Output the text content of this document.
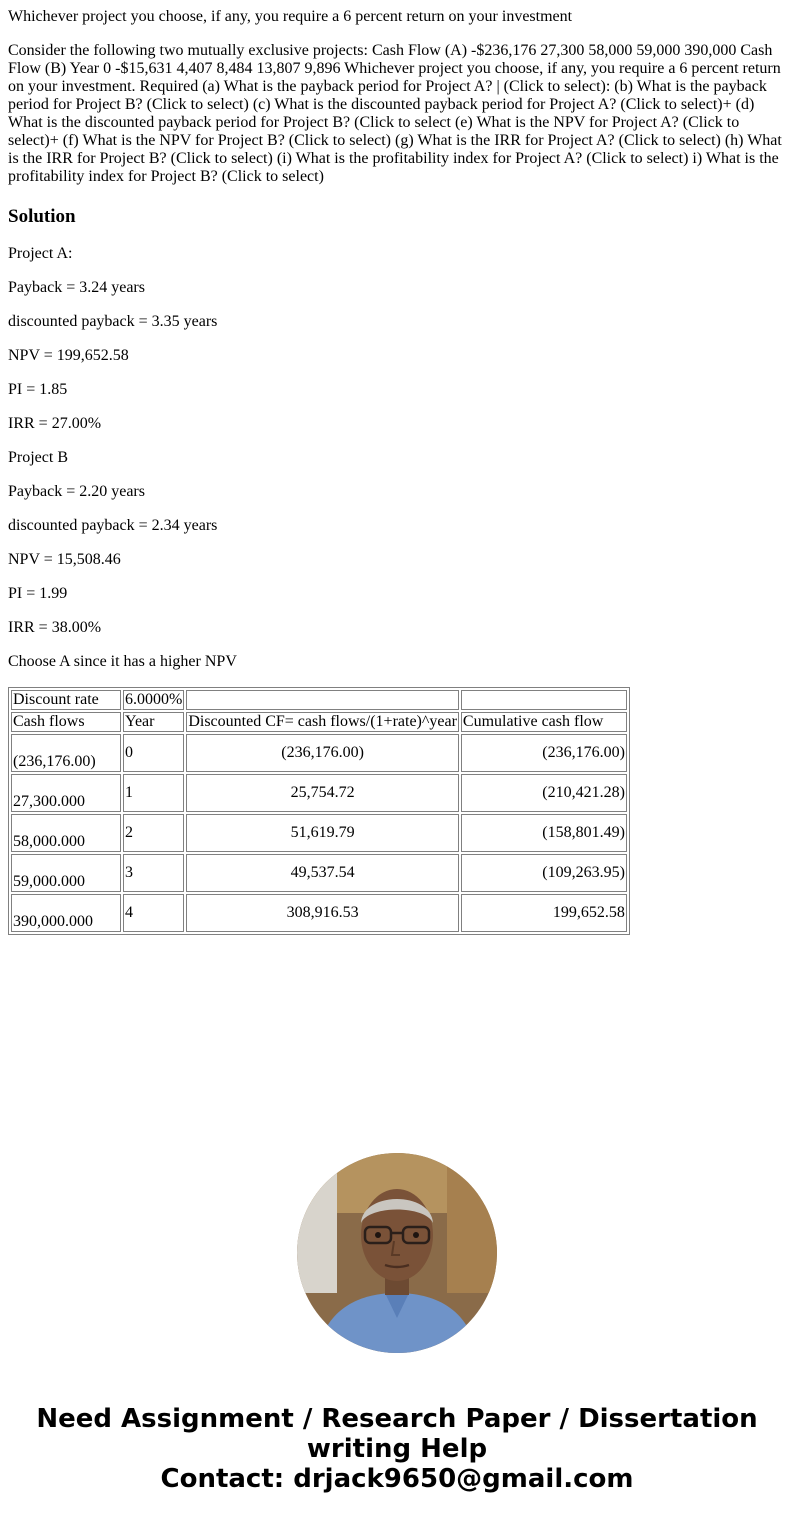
Whichever project you choose, if any, you require a 6 percent return on your investment

Consider the following two mutually exclusive projects: Cash Flow (A) -$236,176 27,300 58,000 59,000 390,000 Cash Flow (B) Year 0 -$15,631 4,407 8,484 13,807 9,896 Whichever project you choose, if any, you require a 6 percent return on your investment. Required (a) What is the payback period for Project A? | (Click to select): (b) What is the payback period for Project B? (Click to select) (c) What is the discounted payback period for Project A? (Click to select)+ (d) What is the discounted payback period for Project B? (Click to select (e) What is the NPV for Project A? (Click to select)+ (f) What is the NPV for Project B? (Click to select) (g) What is the IRR for Project A? (Click to select) (h) What is the IRR for Project B? (Click to select) (i) What is the profitability index for Project A? (Click to select) i) What is the profitability index for Project B? (Click to select)

Solution

Project A:

Payback = 3.24 years

discounted payback = 3.35 years

NPV = 199,652.58

PI = 1.85

IRR = 27.00%

Project B

Payback = 2.20 years

discounted payback = 2.34 years

NPV = 15,508.46

PI = 1.99

IRR = 38.00%

Choose A since it has a higher NPV

Discount rate	6.0000%		
Cash flows	Year	Discounted CF= cash flows/(1+rate)^year	Cumulative cash flow
(236,176.00)	0	(236,176.00)	(236,176.00)
27,300.000	1	25,754.72	(210,421.28)
58,000.000	2	51,619.79	(158,801.49)
59,000.000	3	49,537.54	(109,263.95)
390,000.000	4	308,916.53	199,652.58
Need Assignment / Research Paper / Dissertation
writing Help
Contact: drjack9650@gmail.com
